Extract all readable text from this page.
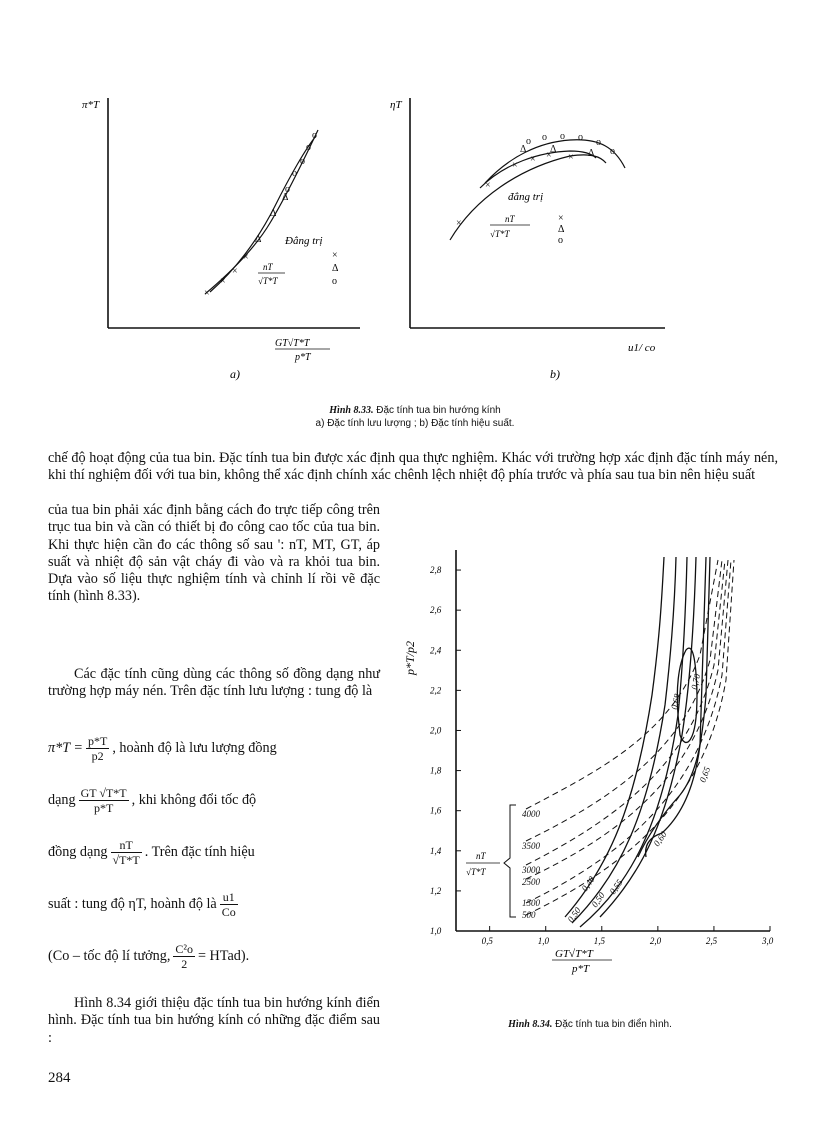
×
×
×
×
Δ
Δ
Δ
o
o
o
o
o
π*T
Đẳng trị
nT
√T*T
×
Δ
o
GT√T*T
p*T
a)
×
×
×
× × ×
Δ Δ	Δ
o o o o o
o
ηT
đẳng trị
nT
√T*T
×
Δ
o
u1/ co
b)
Hình 8.33. Đặc tính tua bin hướng kính
a) Đặc tính lưu lượng ; b) Đặc tính hiệu suất.
chế độ hoạt động của tua bin. Đặc tính tua bin được xác định qua thực nghiệm. Khác với trường hợp xác định đặc tính máy nén, khi thí nghiệm đối với tua bin, không thể xác định chính xác chênh lệch nhiệt độ phía trước và phía sau tua bin nên hiệu suất
của tua bin phải xác định bằng cách đo trực tiếp công trên trục tua bin và cần có thiết bị đo công cao tốc của tua bin. Khi thực hiện cần đo các thông số sau ': nT, MT, GT, áp suất và nhiệt độ sản vật cháy đi vào và ra khỏi tua bin. Dựa vào số liệu thực nghiệm tính và chỉnh lí rồi vẽ đặc tính (hình 8.33).
Các đặc tính cũng dùng các thông số đồng dạng như trường hợp máy nén. Trên đặc tính lưu lượng : tung độ là
$\pi*T = \frac{p*T}{p2}$ , hoành độ là lưu lượng đồng
dạng $\frac{GT √T*T}{p*T}$ , khi không đổi tốc độ
đồng dạng $\frac{nT}{√T*T}$ . Trên đặc tính hiệu
suất : tung độ ηT, hoành độ là $\frac{u1}{Co}$
(Co – tốc độ lí tưởng, $\frac{\text{C²o}}{2}$ = HTad).
Hình 8.34 giới thiệu đặc tính tua bin hướng kính điển hình. Đặc tính tua bin hướng kính có những đặc điểm sau :
284
0,5	1,0	1,5	2,0	2,5	3,0
1,0
1,2
1,4
1,6
1,8
2,0
2,2
2,4
2,6
2,8
p*T/p2
GT√T*T
p*T
0,70
0,68
0,65
0,60
0,55
0,50
0,40
0,50
4000
3500
3000
2500
1500
500
nT
√T*T
Hình 8.34. Đặc tính tua bin điển hình.
